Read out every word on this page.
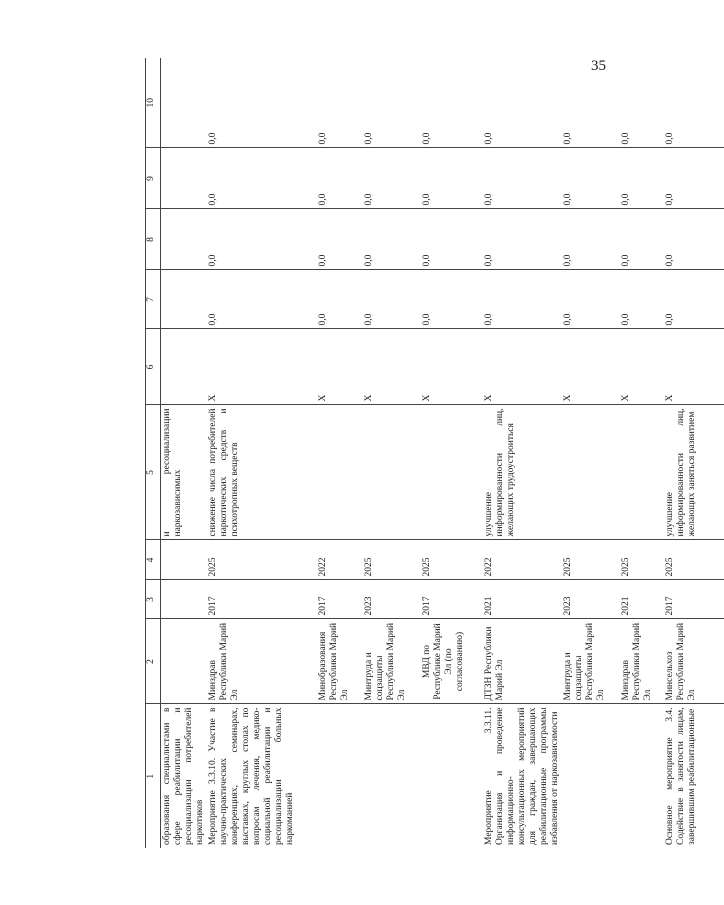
35
1	2	3	4	5	6	7	8	9	10
образования специалистами в сфере реабилитации и ресоциализации потребителей наркотиков				и ресоциализации наркозависимых					
Мероприятие 3.3.10. Участие в научно-практических конференциях, семинарах, выставках, круглых столах по вопросам лечения, медико-социальной реабилитации и ресоциализации больных наркоманией	Минздрав Республики Марий Эл	2017	2025	снижение числа потребителей наркотических средств и психотропных веществ	X	0,0	0,0	0,0	0,0
	Минобразования Республики Марий Эл	2017	2022		X	0,0	0,0	0,0	0,0
	Минтруда и соцзащиты Республики Марий Эл	2023	2025		X	0,0	0,0	0,0	0,0
	МВД по Республике Марий Эл (по согласованию)	2017	2025		X	0,0	0,0	0,0	0,0
Мероприятие 3.3.11. Организация и проведение информационно-консультационных мероприятий для граждан, завершающих реабилитационные программы избавления от наркозависимости	ДТЗН Республики Марий Эл	2021	2022	улучшение информированности лиц, желающих трудоустроиться	X	0,0	0,0	0,0	0,0
	Минтруда и соцзащиты Республики Марий Эл	2023	2025		X	0,0	0,0	0,0	0,0
	Минздрав Республики Марий Эл	2021	2025		X	0,0	0,0	0,0	0,0
Основное мероприятие 3.4. Содействие в занятости лицам, завершившим реабилитационные	Минсельхоз Республики Марий Эл	2017	2025	улучшение информированности лиц, желающих заняться развитием	X	0,0	0,0	0,0	0,0
